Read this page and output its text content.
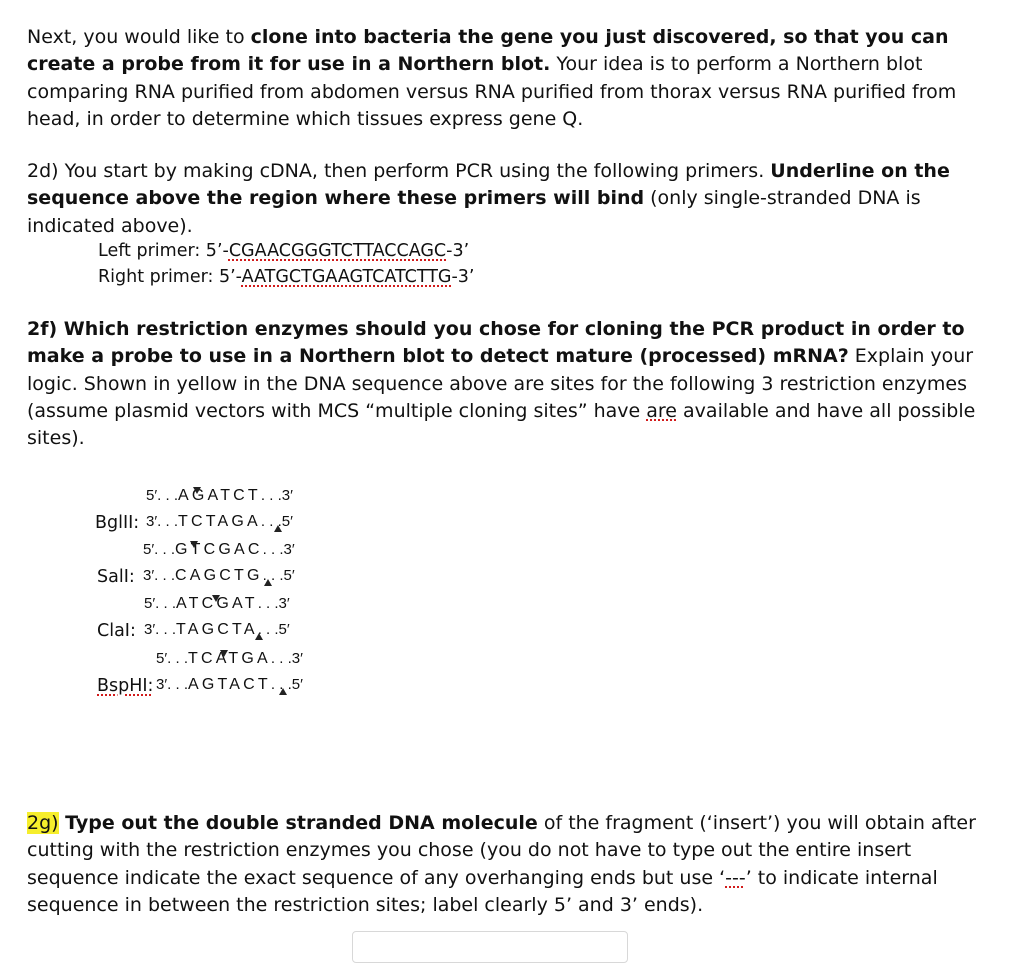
Next, you would like to clone into bacteria the gene you just discovered, so that you can create a probe from it for use in a Northern blot. Your idea is to perform a Northern blot comparing RNA purified from abdomen versus RNA purified from thorax versus RNA purified from head, in order to determine which tissues express gene Q.
2d) You start by making cDNA, then perform PCR using the following primers. Underline on the sequence above the region where these primers will bind (only single-stranded DNA is indicated above).
Left primer: 5’-CGAACGGGTCTTACCAGC-3’
Right primer: 5’-AATGCTGAAGTCATCTTG-3’
2f) Which restriction enzymes should you chose for cloning the PCR product in order to make a probe to use in a Northern blot to detect mature (processed) mRNA? Explain your logic. Shown in yellow in the DNA sequence above are sites for the following 3 restriction enzymes (assume plasmid vectors with MCS “multiple cloning sites” have are available and have all possible sites).
5′. . .AGATCT. . .3′
BglII: 3′. . .TCTAGA. . .5′
5′. . .GTCGAC. . .3′
SalI: 3′. . .CAGCTG. . .5′
5′. . .ATCGAT. . .3′
ClaI: 3′. . .TAGCTA. . .5′
5′. . .TCATGA. . .3′
BspHI: 3′. . .AGTACT. . .5′
2g) Type out the double stranded DNA molecule of the fragment (‘insert’) you will obtain after cutting with the restriction enzymes you chose (you do not have to type out the entire insert sequence indicate the exact sequence of any overhanging ends but use ‘---’ to indicate internal sequence in between the restriction sites; label clearly 5’ and 3’ ends).
